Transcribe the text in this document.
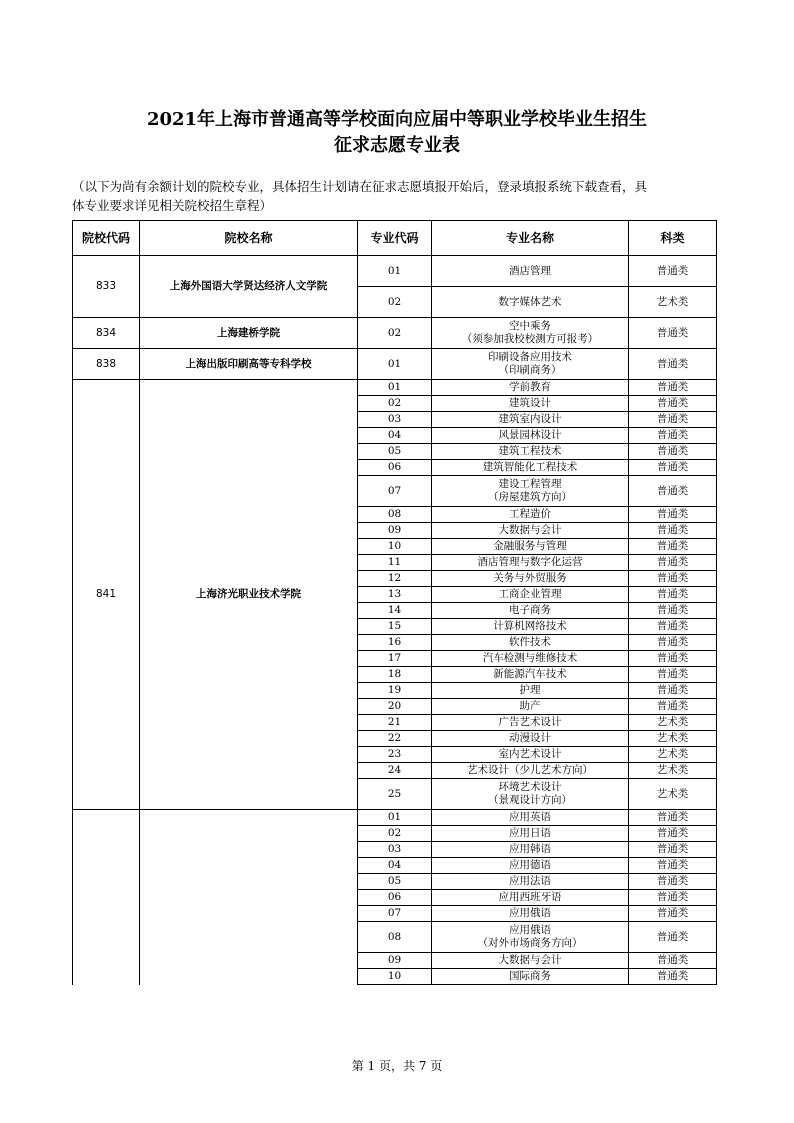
2021年上海市普通高等学校面向应届中等职业学校毕业生招生
征求志愿专业表
（以下为尚有余额计划的院校专业，具体招生计划请在征求志愿填报开始后，登录填报系统下载查看，具
体专业要求详见相关院校招生章程）
院校代码	院校名称	专业代码	专业名称	科类
833	上海外国语大学贤达经济人文学院	01	酒店管理	普通类
		02	数字媒体艺术	艺术类
834	上海建桥学院	02	空中乘务
（须参加我校校测方可报考）	普通类
838	上海出版印刷高等专科学校	01	印刷设备应用技术
（印刷商务）	普通类
841	上海济光职业技术学院	01	学前教育	普通类
		02	建筑设计	普通类
		03	建筑室内设计	普通类
		04	风景园林设计	普通类
		05	建筑工程技术	普通类
		06	建筑智能化工程技术	普通类
		07	建设工程管理
（房屋建筑方向）	普通类
		08	工程造价	普通类
		09	大数据与会计	普通类
		10	金融服务与管理	普通类
		11	酒店管理与数字化运营	普通类
		12	关务与外贸服务	普通类
		13	工商企业管理	普通类
		14	电子商务	普通类
		15	计算机网络技术	普通类
		16	软件技术	普通类
		17	汽车检测与维修技术	普通类
		18	新能源汽车技术	普通类
		19	护理	普通类
		20	助产	普通类
		21	广告艺术设计	艺术类
		22	动漫设计	艺术类
		23	室内艺术设计	艺术类
		24	艺术设计（少儿艺术方向）	艺术类
		25	环境艺术设计
（景观设计方向）	艺术类
		01	应用英语	普通类
		02	应用日语	普通类
		03	应用韩语	普通类
		04	应用德语	普通类
		05	应用法语	普通类
		06	应用西班牙语	普通类
		07	应用俄语	普通类
		08	应用俄语
（对外市场商务方向）	普通类
		09	大数据与会计	普通类
		10	国际商务	普通类
第 1 页，共 7 页
